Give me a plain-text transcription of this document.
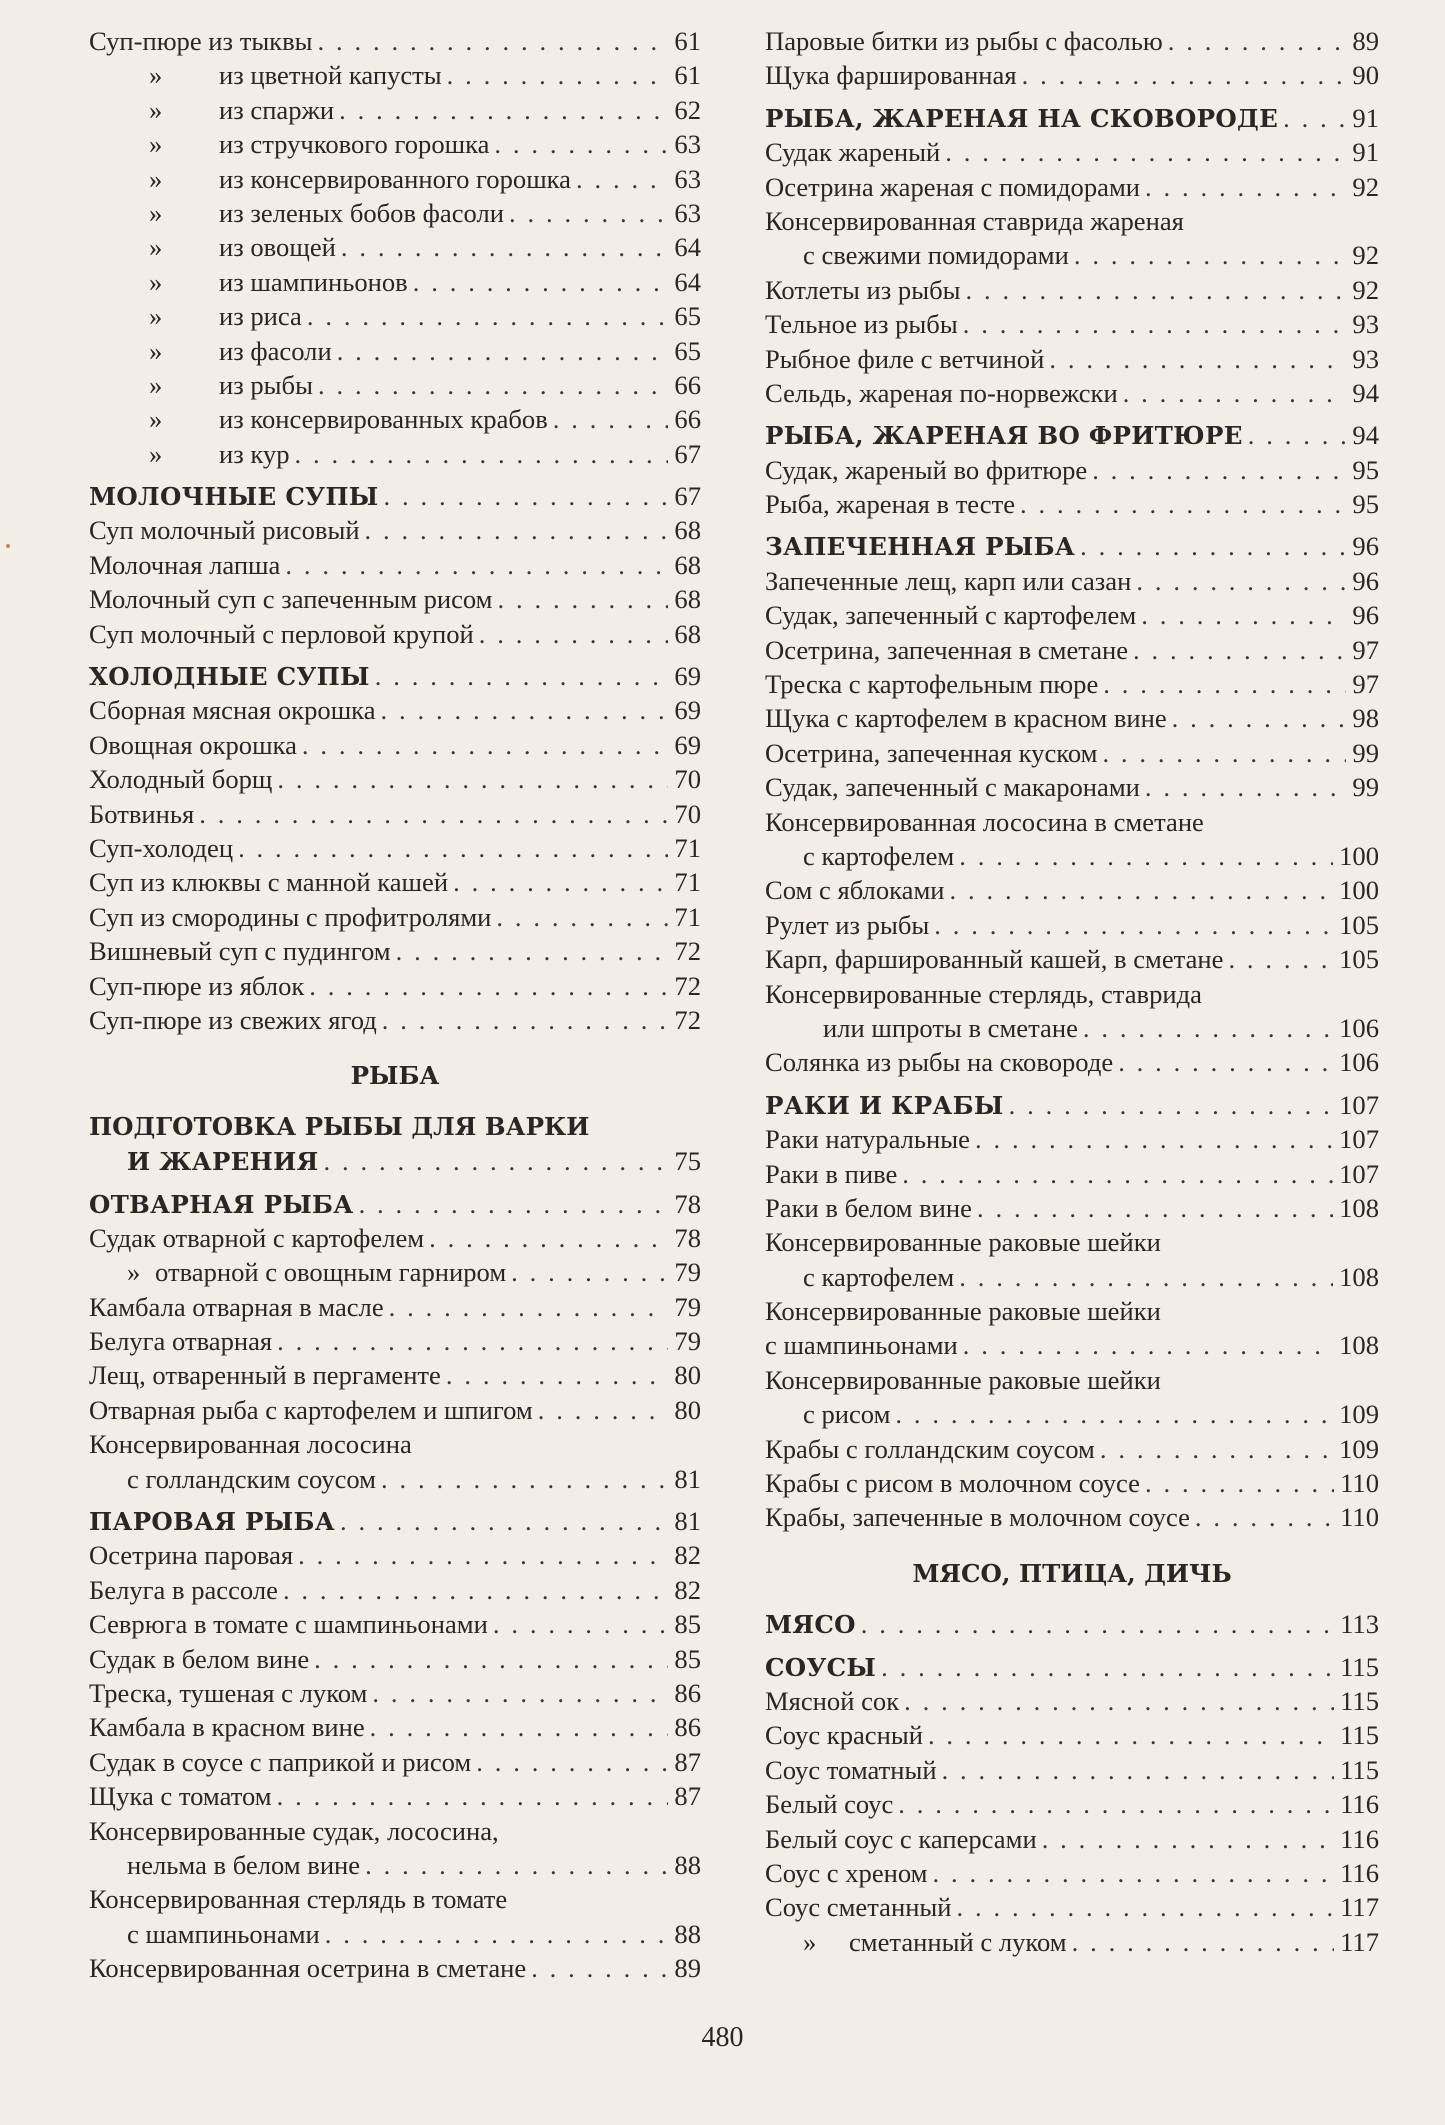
Суп-пюре из тыквы . . .	61
» из цветной капусты . . .	61
» из спаржи . . .	62
» из стручкового горошка . . .	63
» из консервированного горошка . . .	63
» из зеленых бобов фасоли . . .	63
» из овощей . . .	64
» из шампиньонов . . .	64
» из риса . . .	65
» из фасоли . . .	65
» из рыбы . . .	66
» из консервированных крабов . . .	66
» из кур . . .	67
МОЛОЧНЫЕ СУПЫ . . .	67
Суп молочный рисовый . . .	68
Молочная лапша . . .	68
Молочный суп с запеченным рисом . . .	68
Суп молочный с перловой крупой . . .	68
ХОЛОДНЫЕ СУПЫ . . .	69
Сборная мясная окрошка . . .	69
Овощная окрошка . . .	69
Холодный борщ . . .	70
Ботвинья . . .	70
Суп-холодец . . .	71
Суп из клюквы с манной кашей . . .	71
Суп из смородины с профитролями . . .	71
Вишневый суп с пудингом . . .	72
Суп-пюре из яблок . . .	72
Суп-пюре из свежих ягод . . .	72
РЫБА
ПОДГОТОВКА РЫБЫ ДЛЯ ВАРКИ
И ЖАРЕНИЯ . . .	75
ОТВАРНАЯ РЫБА . . .	78
Судак отварной с картофелем . . .	78
» отварной с овощным гарниром . . .	79
Камбала отварная в масле . . .	79
Белуга отварная . . .	79
Лещ, отваренный в пергаменте . . .	80
Отварная рыба с картофелем и шпигом . . .	80
Консервированная лососина
с голландским соусом . . .	81
ПАРОВАЯ РЫБА . . .	81
Осетрина паровая . . .	82
Белуга в рассоле . . .	82
Севрюга в томате с шампиньонами . . .	85
Судак в белом вине . . .	85
Треска, тушеная с луком . . .	86
Камбала в красном вине . . .	86
Судак в соусе с паприкой и рисом . . .	87
Щука с томатом . . .	87
Консервированные судак, лососина,
нельма в белом вине . . .	88
Консервированная стерлядь в томате
с шампиньонами . . .	88
Консервированная осетрина в сметане . . .	89
Паровые битки из рыбы с фасолью . . .	89
Щука фаршированная . . .	90
РЫБА, ЖАРЕНАЯ НА СКОВОРОДЕ . . .	91
Судак жареный . . .	91
Осетрина жареная с помидорами . . .	92
Консервированная ставрида жареная
с свежими помидорами . . .	92
Котлеты из рыбы . . .	92
Тельное из рыбы . . .	93
Рыбное филе с ветчиной . . .	93
Сельдь, жареная по-норвежски . . .	94
РЫБА, ЖАРЕНАЯ ВО ФРИТЮРЕ . . .	94
Судак, жареный во фритюре . . .	95
Рыба, жареная в тесте . . .	95
ЗАПЕЧЕННАЯ РЫБА . . .	96
Запеченные лещ, карп или сазан . . .	96
Судак, запеченный с картофелем . . .	96
Осетрина, запеченная в сметане . . .	97
Треска с картофельным пюре . . .	97
Щука с картофелем в красном вине . . .	98
Осетрина, запеченная куском . . .	99
Судак, запеченный с макаронами . . .	99
Консервированная лососина в сметане
с картофелем . . .	100
Сом с яблоками . . .	100
Рулет из рыбы . . .	105
Карп, фаршированный кашей, в сметане . . .	105
Консервированные стерлядь, ставрида
или шпроты в сметане . . .	106
Солянка из рыбы на сковороде . . .	106
РАКИ И КРАБЫ . . .	107
Раки натуральные . . .	107
Раки в пиве . . .	107
Раки в белом вине . . .	108
Консервированные раковые шейки
с картофелем . . .	108
Консервированные раковые шейки
с шампиньонами . . .	108
Консервированные раковые шейки
с рисом . . .	109
Крабы с голландским соусом . . .	109
Крабы с рисом в молочном соусе . . .	110
Крабы, запеченные в молочном соусе . . .	110
МЯСО, ПТИЦА, ДИЧЬ
МЯСО . . .	113
СОУСЫ . . .	115
Мясной сок . . .	115
Соус красный . . .	115
Соус томатный . . .	115
Белый соус . . .	116
Белый соус с каперсами . . .	116
Соус с хреном . . .	116
Соус сметанный . . .	117
» сметанный с луком . . .	117
480
